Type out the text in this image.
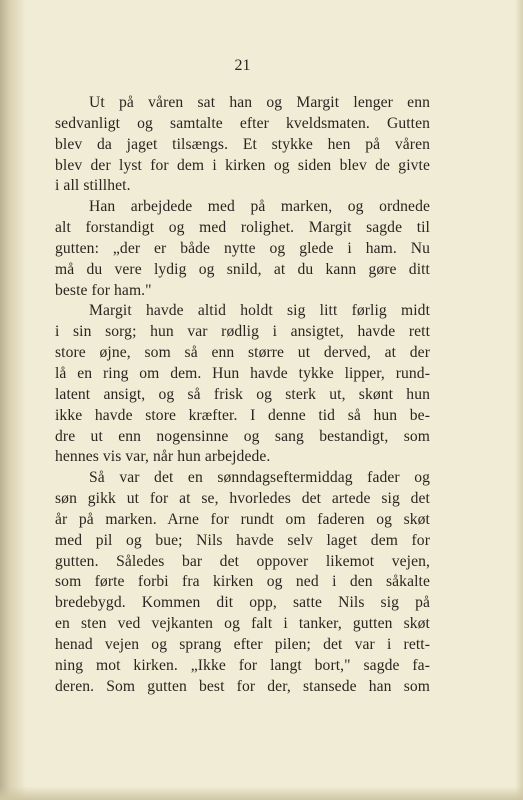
21
Ut på våren sat han og Margit lenger enn
sedvanligt og samtalte efter kveldsmaten. Gutten
blev da jaget tilsængs. Et stykke hen på våren
blev der lyst for dem i kirken og siden blev de givte
i all stillhet.
Han arbejdede med på marken, og ordnede
alt forstandigt og med rolighet. Margit sagde til
gutten: „der er både nytte og glede i ham. Nu
må du vere lydig og snild, at du kann gøre ditt
beste for ham."
Margit havde altid holdt sig litt førlig midt
i sin sorg; hun var rødlig i ansigtet, havde rett
store øjne, som så enn større ut derved, at der
lå en ring om dem. Hun havde tykke lipper, rund-
latent ansigt, og så frisk og sterk ut, skønt hun
ikke havde store kræfter. I denne tid så hun be-
dre ut enn nogensinne og sang bestandigt, som
hennes vis var, når hun arbejdede.
Så var det en sønndagseftermiddag fader og
søn gikk ut for at se, hvorledes det artede sig det
år på marken. Arne for rundt om faderen og skøt
med pil og bue; Nils havde selv laget dem for
gutten. Således bar det oppover likemot vejen,
som førte forbi fra kirken og ned i den såkalte
bredebygd. Kommen dit opp, satte Nils sig på
en sten ved vejkanten og falt i tanker, gutten skøt
henad vejen og sprang efter pilen; det var i rett-
ning mot kirken. „Ikke for langt bort," sagde fa-
deren. Som gutten best for der, stansede han som
